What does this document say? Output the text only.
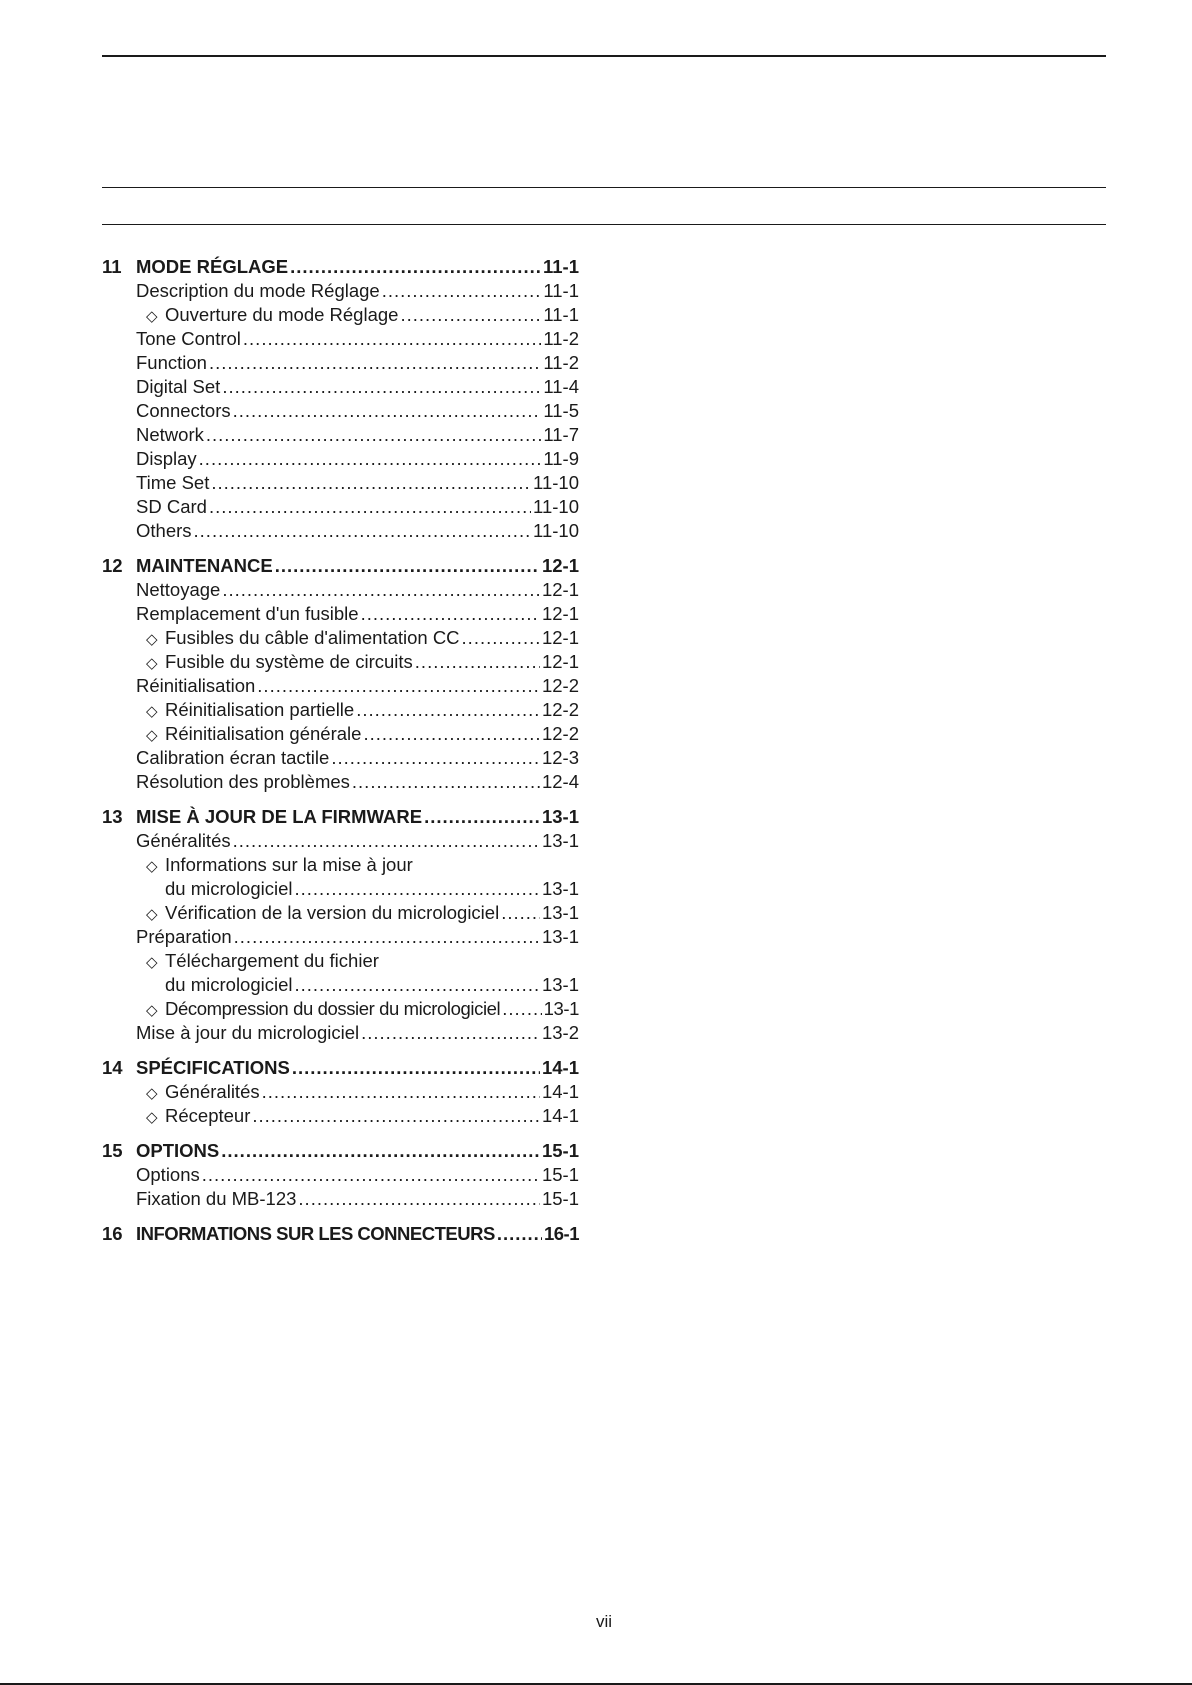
11 MODE RÉGLAGE .....	11-1
Description du mode Réglage .....	11-1
◇ Ouverture du mode Réglage .....	11-1
Tone Control .....	11-2
Function .....	11-2
Digital Set .....	11-4
Connectors .....	11-5
Network .....	11-7
Display .....	11-9
Time Set .....	11-10
SD Card .....	11-10
Others .....	11-10
12 MAINTENANCE .....	12-1
Nettoyage .....	12-1
Remplacement d'un fusible .....	12-1
◇ Fusibles du câble d'alimentation CC .....	12-1
◇ Fusible du système de circuits .....	12-1
Réinitialisation .....	12-2
◇ Réinitialisation partielle .....	12-2
◇ Réinitialisation générale .....	12-2
Calibration écran tactile .....	12-3
Résolution des problèmes .....	12-4
13 MISE À JOUR DE LA FIRMWARE .....	13-1
Généralités .....	13-1
◇ Informations sur la mise à jour
du micrologiciel .....	13-1
◇ Vérification de la version du micrologiciel ..... 13-1
Préparation .....	13-1
◇ Téléchargement du fichier
du micrologiciel .....	13-1
◇ Décompression du dossier du micrologiciel ..... 13-1
Mise à jour du micrologiciel .....	13-2
14 SPÉCIFICATIONS .....	14-1
◇ Généralités .....	14-1
◇ Récepteur .....	14-1
15 OPTIONS .....	15-1
Options .....	15-1
Fixation du MB-123 .....	15-1
16 INFORMATIONS SUR LES CONNECTEURS .....	16-1
vii
